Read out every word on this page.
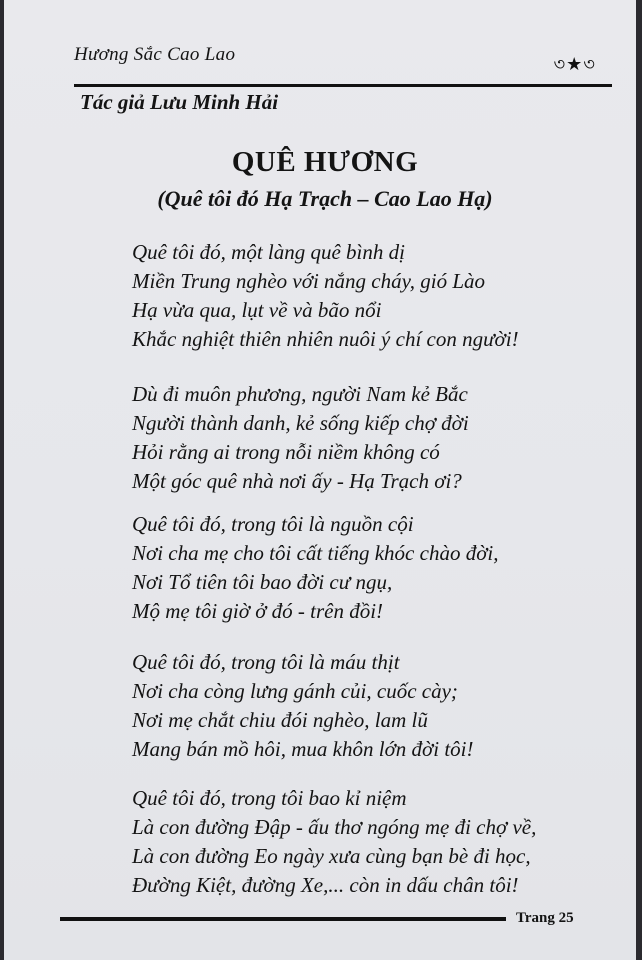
Hương Sắc Cao Lao	৩★৩
Tác giả Lưu Minh Hải
QUÊ HƯƠNG
(Quê tôi đó Hạ Trạch – Cao Lao Hạ)
Quê tôi đó, một làng quê bình dị
Miền Trung nghèo với nắng cháy, gió Lào
Hạ vừa qua, lụt về và bão nổi
Khắc nghiệt thiên nhiên nuôi ý chí con người!
Dù đi muôn phương, người Nam kẻ Bắc
Người thành danh, kẻ sống kiếp chợ đời
Hỏi rằng ai trong nỗi niềm không có
Một góc quê nhà nơi ấy - Hạ Trạch ơi?
Quê tôi đó, trong tôi là nguồn cội
Nơi cha mẹ cho tôi cất tiếng khóc chào đời,
Nơi Tổ tiên tôi bao đời cư ngụ,
Mộ mẹ tôi giờ ở đó - trên đồi!
Quê tôi đó, trong tôi là máu thịt
Nơi cha còng lưng gánh củi, cuốc cày;
Nơi mẹ chắt chiu đói nghèo, lam lũ
Mang bán mồ hôi, mua khôn lớn đời tôi!
Quê tôi đó, trong tôi bao kỉ niệm
Là con đường Đập - ấu thơ ngóng mẹ đi chợ về,
Là con đường Eo ngày xưa cùng bạn bè đi học,
Đường Kiệt, đường Xe,... còn in dấu chân tôi!
Trang 25
